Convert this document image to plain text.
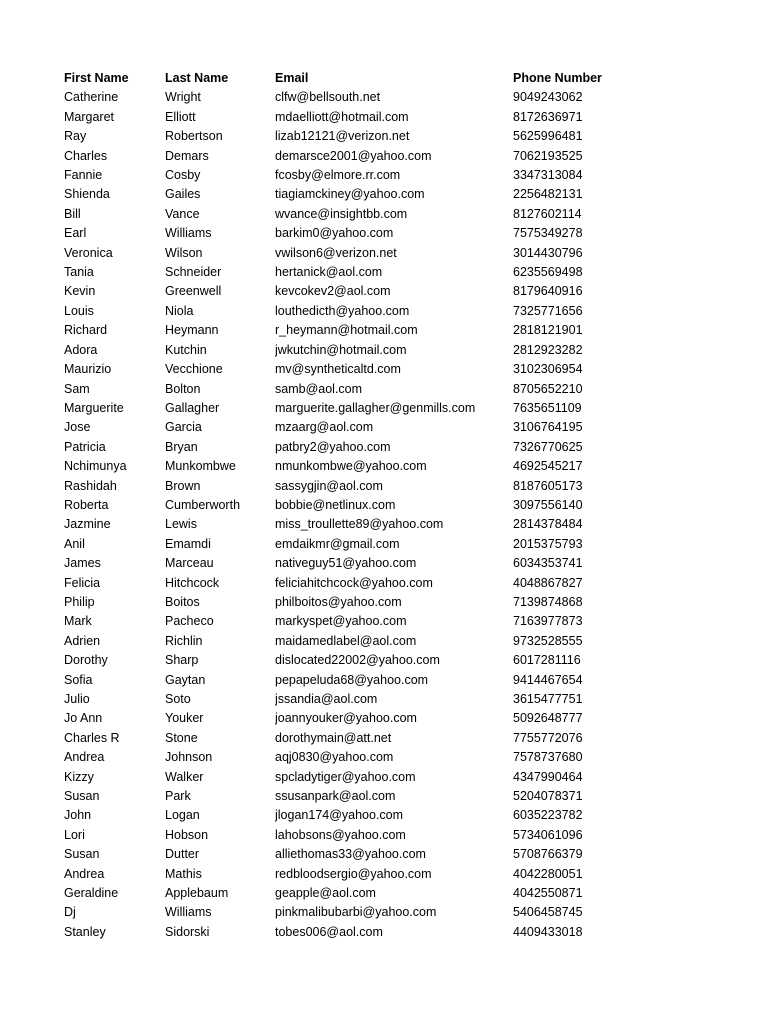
First Name	Last Name	Email	Phone Number
Catherine	Wright	clfw@bellsouth.net	9049243062
Margaret	Elliott	mdaelliott@hotmail.com	8172636971
Ray	Robertson	lizab12121@verizon.net	5625996481
Charles	Demars	demarsce2001@yahoo.com	7062193525
Fannie	Cosby	fcosby@elmore.rr.com	3347313084
Shienda	Gailes	tiagiamckiney@yahoo.com	2256482131
Bill	Vance	wvance@insightbb.com	8127602114
Earl	Williams	barkim0@yahoo.com	7575349278
Veronica	Wilson	vwilson6@verizon.net	3014430796
Tania	Schneider	hertanick@aol.com	6235569498
Kevin	Greenwell	kevcokev2@aol.com	8179640916
Louis	Niola	louthedicth@yahoo.com	7325771656
Richard	Heymann	r_heymann@hotmail.com	2818121901
Adora	Kutchin	jwkutchin@hotmail.com	2812923282
Maurizio	Vecchione	mv@syntheticaltd.com	3102306954
Sam	Bolton	samb@aol.com	8705652210
Marguerite	Gallagher	marguerite.gallagher@genmills.com	7635651109
Jose	Garcia	mzaarg@aol.com	3106764195
Patricia	Bryan	patbry2@yahoo.com	7326770625
Nchimunya	Munkombwe	nmunkombwe@yahoo.com	4692545217
Rashidah	Brown	sassygjin@aol.com	8187605173
Roberta	Cumberworth	bobbie@netlinux.com	3097556140
Jazmine	Lewis	miss_troullette89@yahoo.com	2814378484
Anil	Emamdi	emdaikmr@gmail.com	2015375793
James	Marceau	nativeguy51@yahoo.com	6034353741
Felicia	Hitchcock	feliciahitchcock@yahoo.com	4048867827
Philip	Boitos	philboitos@yahoo.com	7139874868
Mark	Pacheco	markyspet@yahoo.com	7163977873
Adrien	Richlin	maidamedlabel@aol.com	9732528555
Dorothy	Sharp	dislocated22002@yahoo.com	6017281116
Sofia	Gaytan	pepapeluda68@yahoo.com	9414467654
Julio	Soto	jssandia@aol.com	3615477751
Jo Ann	Youker	joannyouker@yahoo.com	5092648777
Charles R	Stone	dorothymain@att.net	7755772076
Andrea	Johnson	aqj0830@yahoo.com	7578737680
Kizzy	Walker	spcladytiger@yahoo.com	4347990464
Susan	Park	ssusanpark@aol.com	5204078371
John	Logan	jlogan174@yahoo.com	6035223782
Lori	Hobson	lahobsons@yahoo.com	5734061096
Susan	Dutter	alliethomas33@yahoo.com	5708766379
Andrea	Mathis	redbloodsergio@yahoo.com	4042280051
Geraldine	Applebaum	geapple@aol.com	4042550871
Dj	Williams	pinkmalibubarbi@yahoo.com	5406458745
Stanley	Sidorski	tobes006@aol.com	4409433018
